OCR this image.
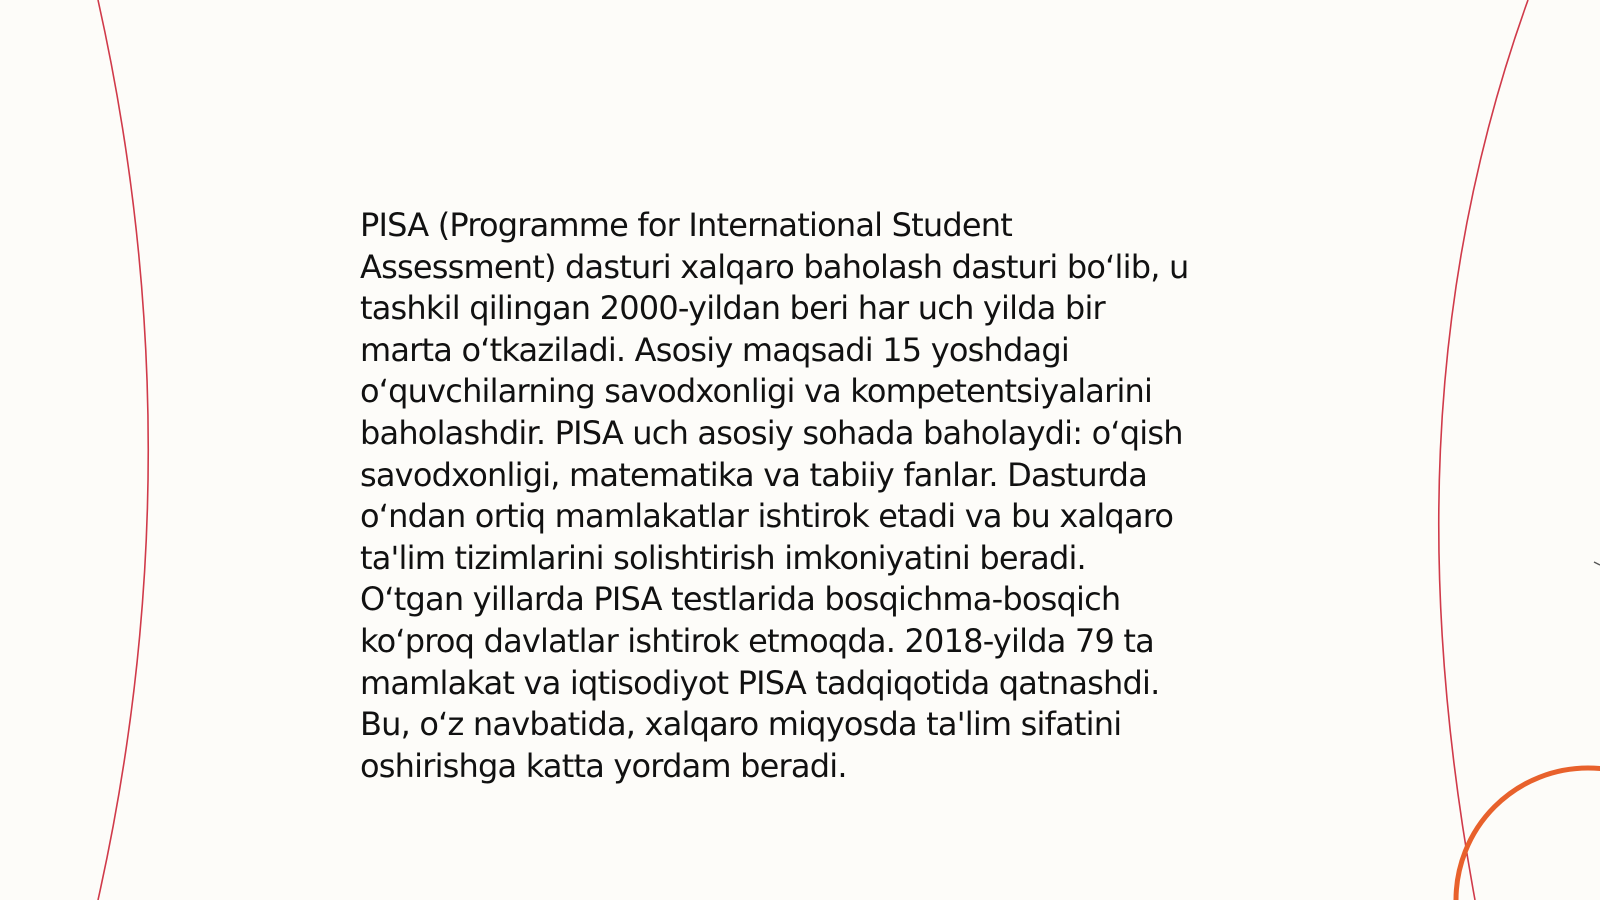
PISA (Programme for International Student
Assessment) dasturi xalqaro baholash dasturi bo‘lib, u
tashkil qilingan 2000-yildan beri har uch yilda bir
marta o‘tkaziladi. Asosiy maqsadi 15 yoshdagi
o‘quvchilarning savodxonligi va kompetentsiyalarini
baholashdir. PISA uch asosiy sohada baholaydi: o‘qish
savodxonligi, matematika va tabiiy fanlar. Dasturda
o‘ndan ortiq mamlakatlar ishtirok etadi va bu xalqaro
ta'lim tizimlarini solishtirish imkoniyatini beradi.
O‘tgan yillarda PISA testlarida bosqichma-bosqich
ko‘proq davlatlar ishtirok etmoqda. 2018-yilda 79 ta
mamlakat va iqtisodiyot PISA tadqiqotida qatnashdi.
Bu, o‘z navbatida, xalqaro miqyosda ta'lim sifatini
oshirishga katta yordam beradi.
